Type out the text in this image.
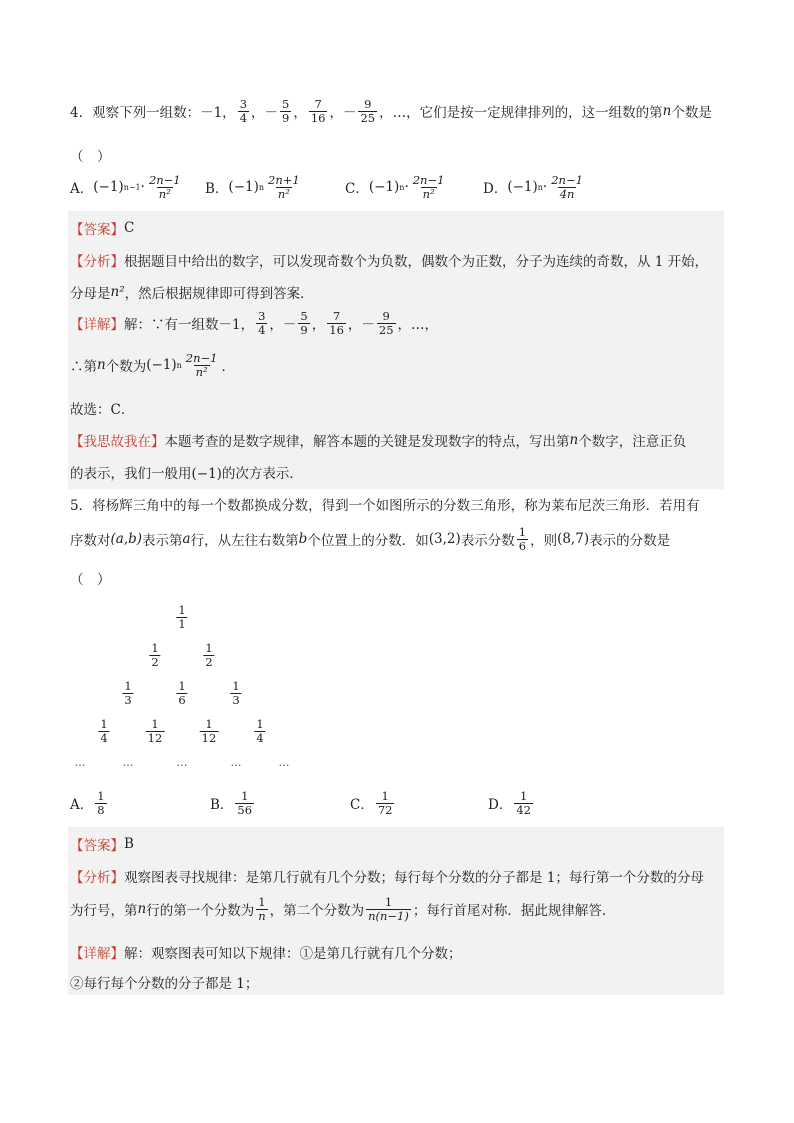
4．观察下列一组数：－1， $\frac{3}{4}$ ，－ $\frac{5}{9}$ ， $\frac{7}{16}$ ，－ $\frac{9}{25}$ ，…，它们是按一定规律排列的，这一组数的第 n 个数是
（　）
A． (−1) $n-1 \cdot \frac{2n-1}{\text{n²}}$ B． (−1) n $\frac{2n+1}{\text{n²}}$	C． (−1) $n \cdot \frac{2n-1}{\text{n²}}$	D． (−1) $n \cdot \frac{2n-1}{4n}$
【答案】 C
【分析】 根据题目中给出的数字，可以发现奇数个为负数，偶数个为正数，分子为连续的奇数，从 1 开始，
分母是 n² ，然后根据规律即可得到答案．
【详解】 解：∵有一组数－1， $\frac{3}{4}$ ，－ $\frac{5}{9}$ ， $\frac{7}{16}$ ，－ $\frac{9}{25}$ ，…，
∴第 n 个数为 (−1) n $\frac{2n-1}{\text{n²}}$ ．
故选：C．
【我思故我在】 本题考查的是数字规律，解答本题的关键是发现数字的特点，写出第 n 个数字，注意正负
的表示，我们一般用(−1)的次方表示．
5．将杨辉三角中的每一个数都换成分数，得到一个如图所示的分数三角形，称为莱布尼茨三角形．若用有
序数对 (a,b) 表示第 a 行，从左往右数第 b 个位置上的分数．如 (3,2) 表示分数 $\frac{1}{6}$ ，则 (8,7) 表示的分数是
（　）
1
1
1
2
1
2
1
3
1
6
1
3
1
4
1
12
1
12
1
4
…	…	…	…	…
A． $\frac{1}{8}$	B． $\frac{1}{56}$	C． $\frac{1}{72}$	D． $\frac{1}{42}$
【答案】 B
【分析】 观察图表寻找规律：是第几行就有几个分数；每行每个分数的分子都是 1；每行第一个分数的分母
为行号，第 n 行的第一个分数为 $\frac{1}{n}$ ，第二个分数为 $\frac{1}{n(n-1)}$ ；每行首尾对称．据此规律解答．
【详解】 解：观察图表可知以下规律：①是第几行就有几个分数；
②每行每个分数的分子都是 1；
